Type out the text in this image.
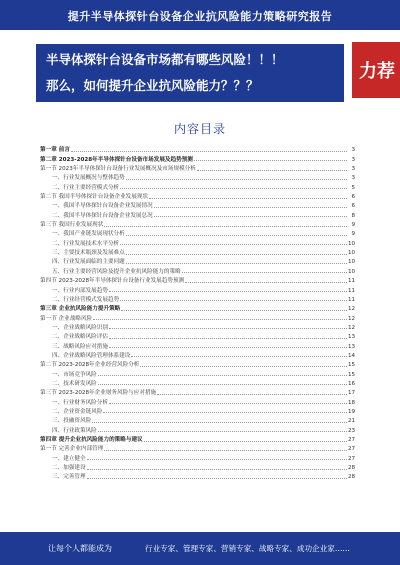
提升半导体探针台设备企业抗风险能力策略研究报告
半导体探针台设备市场都有哪些风险！！！
那么，如何提升企业抗风险能力？？？
力荐
内容目录
第一章 前言	3
第二章 2023-2028年半导体探针台设备市场发展及趋势预测	3
第一节 2023年半导体探针台设备行业发展概况及市场规模分析	3
一、行业发展概况与整体趋势	3
二、行业主要经营模式分析	5
第二节 我国半导体探针台设备企业发展现状	6
一、我国半导体探针台设备企业发展情况	6
二、我国半导体探针台设备企业发展总况	8
第三节 我国行业发展现状	9
一、我国产业链发展现状分析	9
二、行业发展技术水平分析	10
三、主要技术瓶颈及发展难点	10
四、行业发展面临的主要问题	10
五、行业主要经营风险及提升企业抗风险能力的策略	10
第四节 2023-2028年半导体探针台设备行业发展趋势预测	11
一、行业内部发展趋势	11
二、行业经营模式发展趋势	11
第三章 企业抗风险能力提升策略	12
第一节 企业战略风险	12
一、企业战略风险识别	12
二、企业战略风险评估	13
三、战略风险应对措施	13
四、企业战略风险管理体系建设	14
第二节 2023-2028年企业经营风险分析	15
一、市场竞争风险	15
二、技术研发风险	16
第三节 2023-2028年企业财务风险与应对措施	17
一、行业财务风险分析	18
二、企业资金链风险	19
三、投融资风险	21
四、行业政策风险	23
第四章 提升企业抗风险能力的策略与建议	27
第一节 完善企业内部管理	27
一、建立健全	27
二、加强建设	28
三、完善管理	28
让每个人都能成为	行业专家、管理专家、营销专家、战略专家、成功企业家……
